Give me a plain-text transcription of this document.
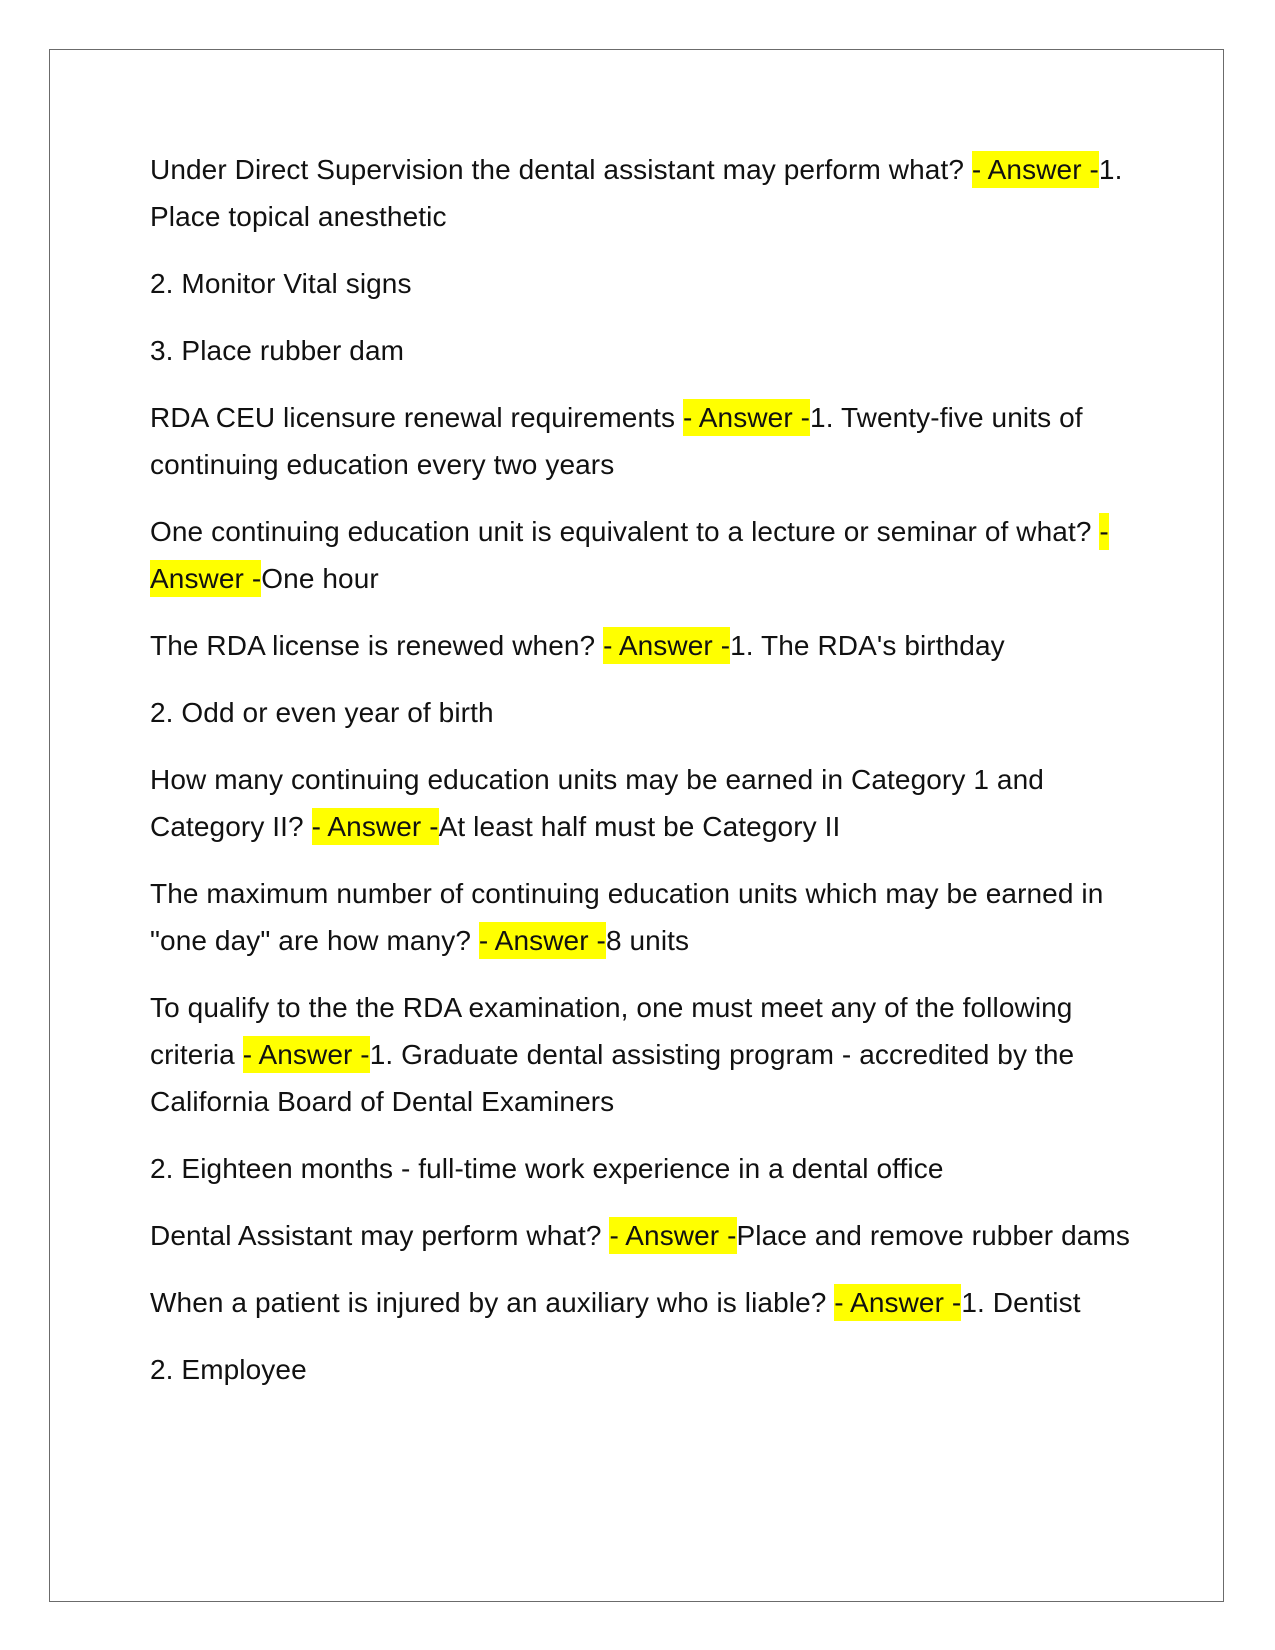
Under Direct Supervision the dental assistant may perform what? - Answer -1. Place topical anesthetic

2. Monitor Vital signs

3. Place rubber dam

RDA CEU licensure renewal requirements - Answer -1. Twenty-five units of continuing education every two years

One continuing education unit is equivalent to a lecture or seminar of what? - Answer -One hour

The RDA license is renewed when? - Answer -1. The RDA's birthday

2. Odd or even year of birth

How many continuing education units may be earned in Category 1 and Category II? - Answer -At least half must be Category II

The maximum number of continuing education units which may be earned in "one day" are how many? - Answer -8 units

To qualify to the the RDA examination, one must meet any of the following criteria - Answer -1. Graduate dental assisting program - accredited by the California Board of Dental Examiners

2. Eighteen months - full-time work experience in a dental office

Dental Assistant may perform what? - Answer -Place and remove rubber dams

When a patient is injured by an auxiliary who is liable? - Answer -1. Dentist

2. Employee
